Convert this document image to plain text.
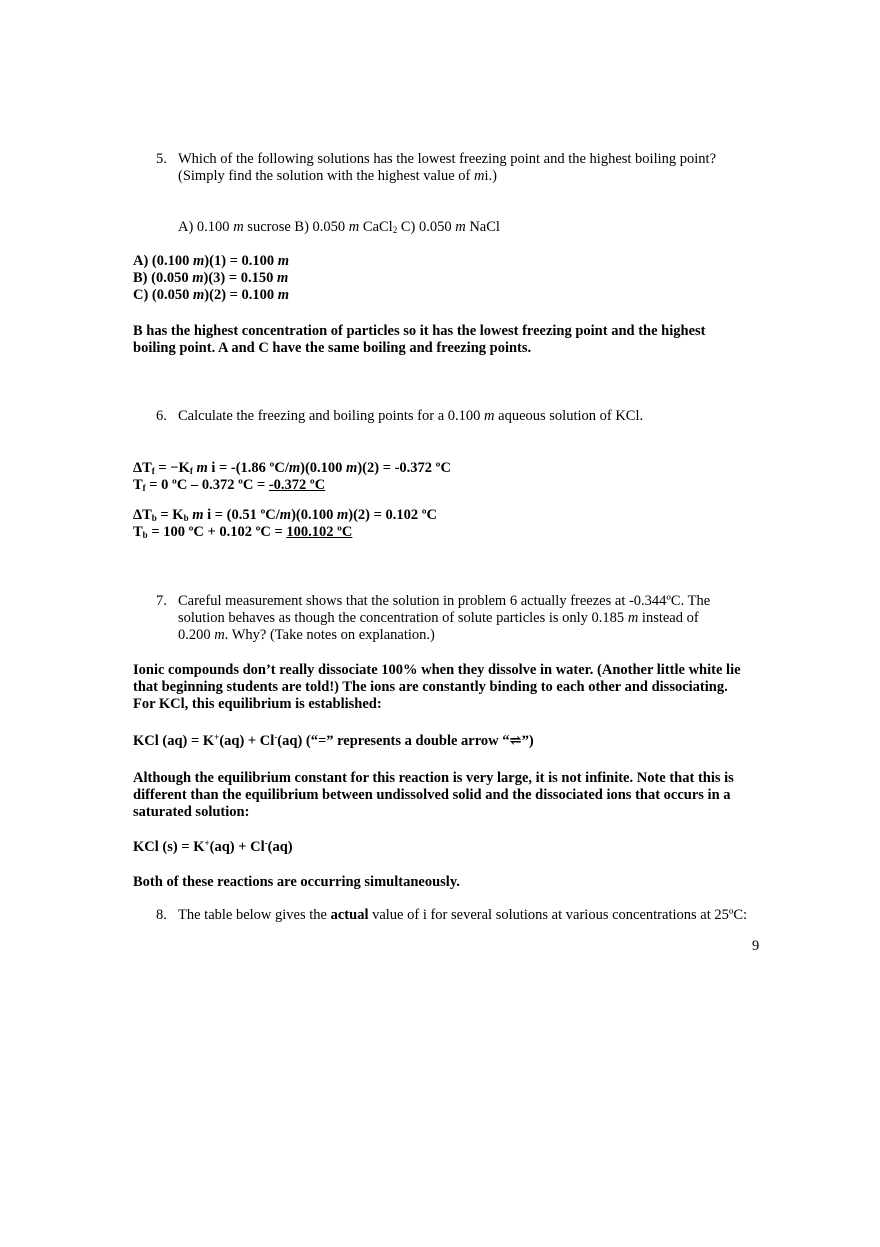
5. Which of the following solutions has the lowest freezing point and the highest boiling point?
(Simply find the solution with the highest value of mi.)
A) 0.100 m sucrose B) 0.050 m CaCl$_2$ C) 0.050 m NaCl
A) (0.100 m)(1) = 0.100 m
B) (0.050 m)(3) = 0.150 m
C) (0.050 m)(2) = 0.100 m
B has the highest concentration of particles so it has the lowest freezing point and the highest
boiling point. A and C have the same boiling and freezing points.
6. Calculate the freezing and boiling points for a 0.100 m aqueous solution of KCl.
$\Delta T_f = -K_f$ m i = -(1.86 ºC/m)(0.100 m)(2) = -0.372 ºC
$T_f = 0$ ºC – 0.372 ºC = -0.372 ºC
$\Delta T_b = K_b$ m i = (0.51 ºC/m)(0.100 m)(2) = 0.102 ºC
$T_b = 100$ ºC + 0.102 ºC = 100.102 ºC
7. Careful measurement shows that the solution in problem 6 actually freezes at -0.344ºC. The
solution behaves as though the concentration of solute particles is only 0.185 m instead of
0.200 m. Why? (Take notes on explanation.)
Ionic compounds don’t really dissociate 100% when they dissolve in water. (Another little white lie
that beginning students are told!) The ions are constantly binding to each other and dissociating.
For KCl, this equilibrium is established:
KCl (aq) = K+(aq) + Cl-(aq) (“=” represents a double arrow “⇌”)
Although the equilibrium constant for this reaction is very large, it is not infinite. Note that this is
different than the equilibrium between undissolved solid and the dissociated ions that occurs in a
saturated solution:
KCl (s) = K+(aq) + Cl-(aq)
Both of these reactions are occurring simultaneously.
8. The table below gives the actual value of i for several solutions at various concentrations at 25ºC:
9
